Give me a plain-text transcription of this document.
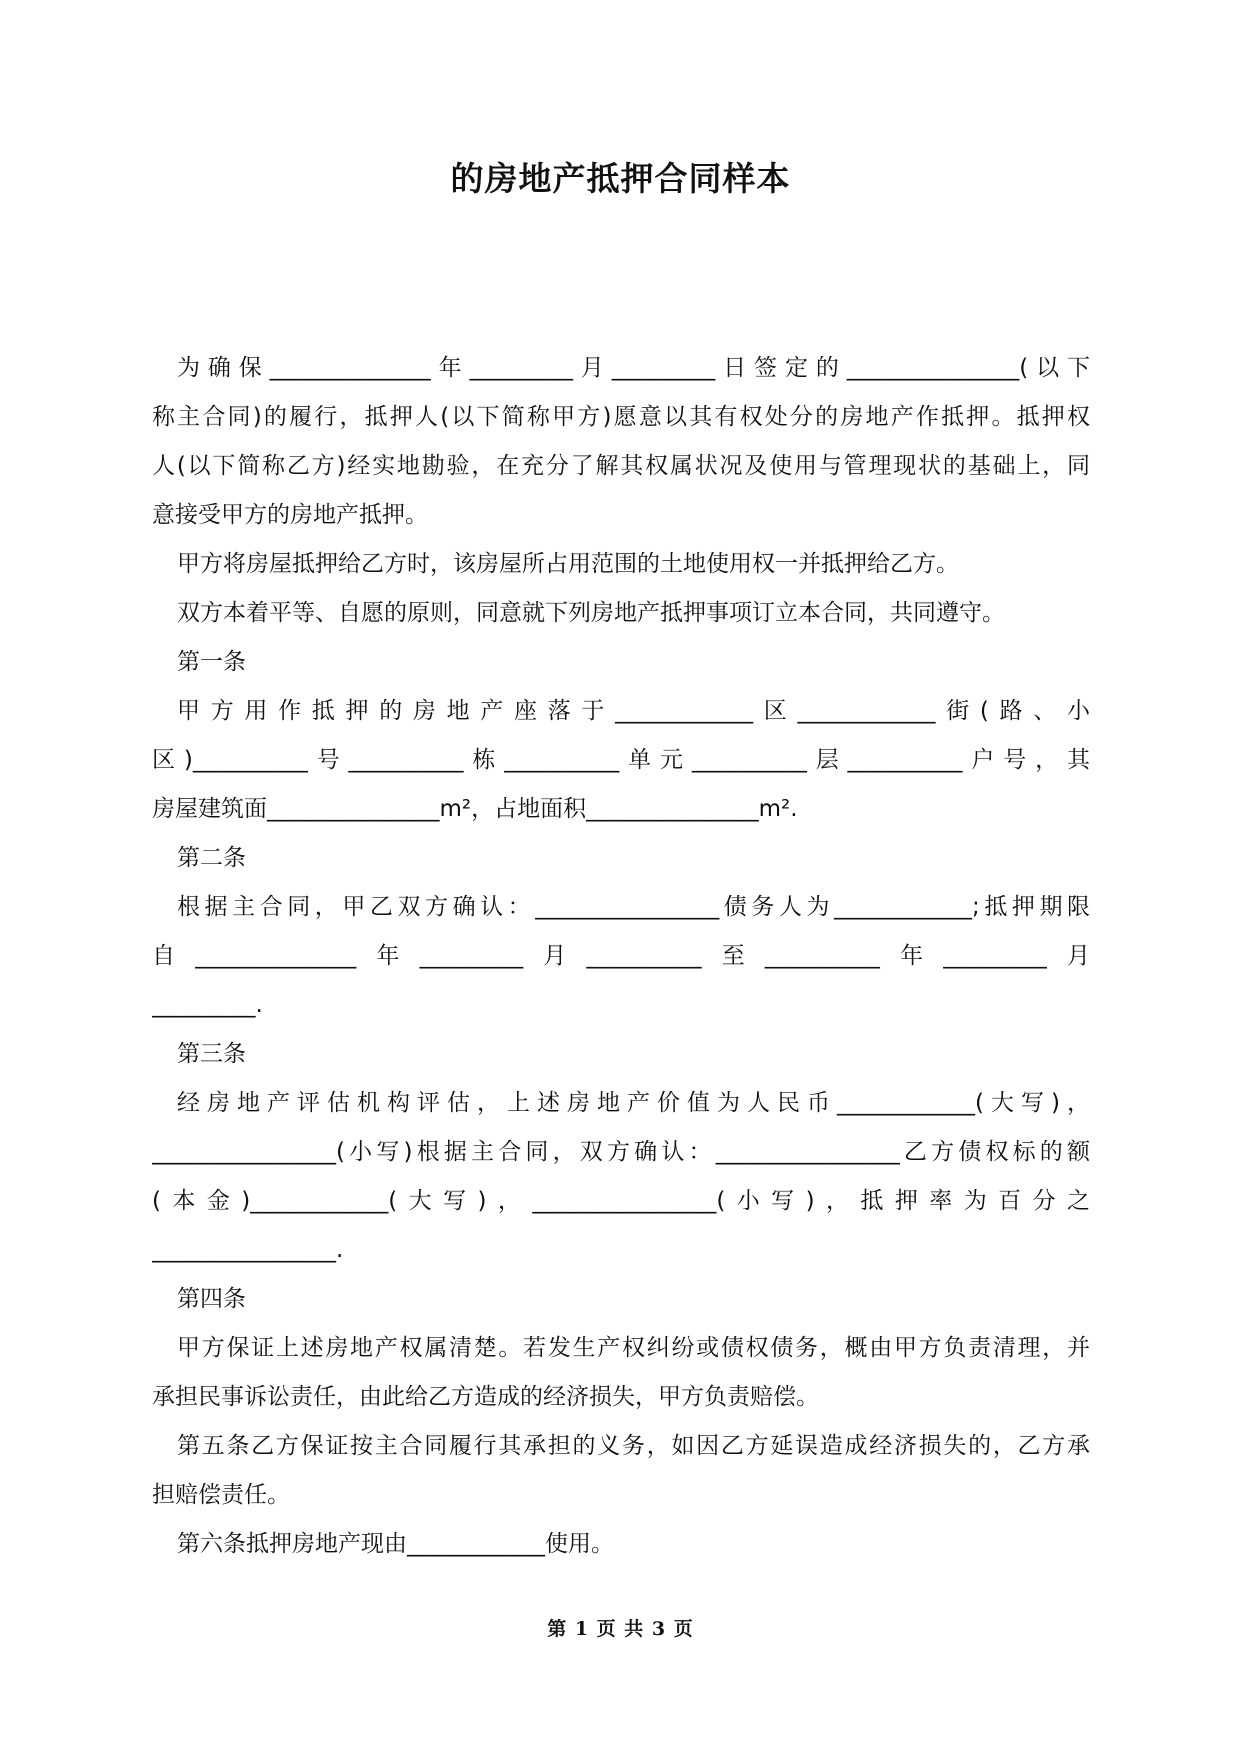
的房地产抵押合同样本
为确保______________年_________月_________日签定的_______________(以下
称主合同)的履行，抵押人(以下简称甲方)愿意以其有权处分的房地产作抵押。抵押权
人(以下简称乙方)经实地勘验，在充分了解其权属状况及使用与管理现状的基础上，同
意接受甲方的房地产抵押。
甲方将房屋抵押给乙方时，该房屋所占用范围的土地使用权一并抵押给乙方。
双方本着平等、自愿的原则，同意就下列房地产抵押事项订立本合同，共同遵守。
第一条
甲方用作抵押的房地产座落于____________区____________街(路、小
区)__________号__________栋__________单元__________层__________户号，其
房屋建筑面_______________m²，占地面积_______________m².
第二条
根据主合同，甲乙双方确认：________________债务人为____________;抵押期限
自______________年_________月__________至__________年_________月
_________.
第三条
经房地产评估机构评估，上述房地产价值为人民币____________(大写)，
________________(小写)根据主合同，双方确认：________________乙方债权标的额
(本金)____________(大写)，________________(小写)，抵押率为百分之
________________.
第四条
甲方保证上述房地产权属清楚。若发生产权纠纷或债权债务，概由甲方负责清理，并
承担民事诉讼责任，由此给乙方造成的经济损失，甲方负责赔偿。
第五条乙方保证按主合同履行其承担的义务，如因乙方延误造成经济损失的，乙方承
担赔偿责任。
第六条抵押房地产现由____________使用。
第 1 页 共 3 页
